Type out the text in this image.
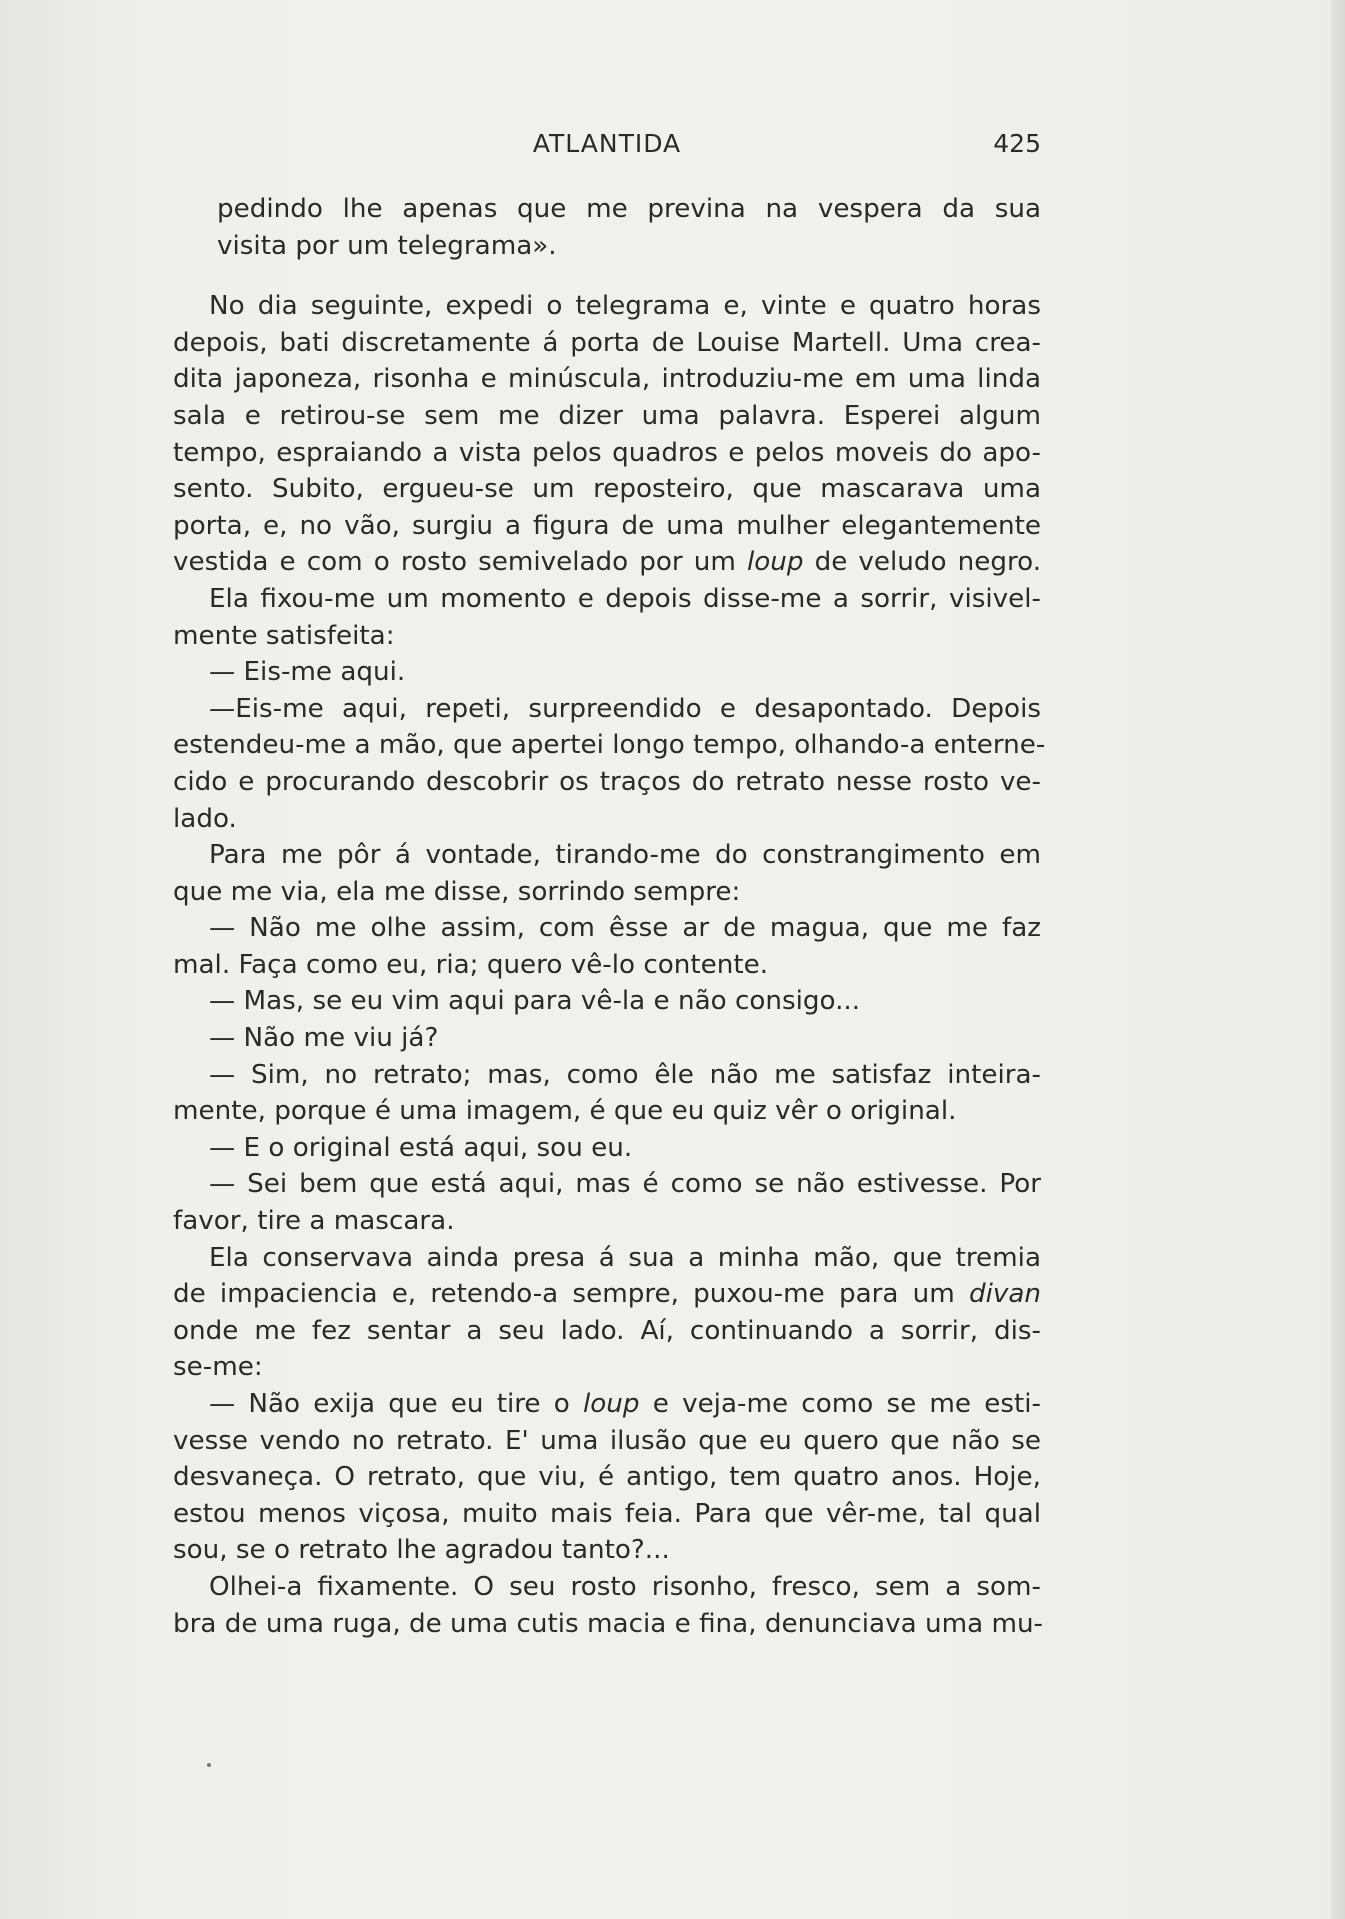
ATLANTIDA	425
pedindo lhe apenas que me previna na vespera da sua
visita por um telegrama».
No dia seguinte, expedi o telegrama e, vinte e quatro horas
depois, bati discretamente á porta de Louise Martell. Uma crea-
dita japoneza, risonha e minúscula, introduziu-me em uma linda
sala e retirou-se sem me dizer uma palavra. Esperei algum
tempo, espraiando a vista pelos quadros e pelos moveis do apo-
sento. Subito, ergueu-se um reposteiro, que mascarava uma
porta, e, no vão, surgiu a figura de uma mulher elegantemente
vestida e com o rosto semivelado por um loup de veludo negro.
Ela fixou-me um momento e depois disse-me a sorrir, visivel-
mente satisfeita:
— Eis-me aqui.
—Eis-me aqui, repeti, surpreendido e desapontado. Depois
estendeu-me a mão, que apertei longo tempo, olhando-a enterne-
cido e procurando descobrir os traços do retrato nesse rosto ve-
lado.
Para me pôr á vontade, tirando-me do constrangimento em
que me via, ela me disse, sorrindo sempre:
— Não me olhe assim, com êsse ar de magua, que me faz
mal. Faça como eu, ria; quero vê-lo contente.
— Mas, se eu vim aqui para vê-la e não consigo...
— Não me viu já?
— Sim, no retrato; mas, como êle não me satisfaz inteira-
mente, porque é uma imagem, é que eu quiz vêr o original.
— E o original está aqui, sou eu.
— Sei bem que está aqui, mas é como se não estivesse. Por
favor, tire a mascara.
Ela conservava ainda presa á sua a minha mão, que tremia
de impaciencia e, retendo-a sempre, puxou-me para um divan
onde me fez sentar a seu lado. Aí, continuando a sorrir, dis-
se-me:
— Não exija que eu tire o loup e veja-me como se me esti-
vesse vendo no retrato. E' uma ilusão que eu quero que não se
desvaneça. O retrato, que viu, é antigo, tem quatro anos. Hoje,
estou menos viçosa, muito mais feia. Para que vêr-me, tal qual
sou, se o retrato lhe agradou tanto?...
Olhei-a fixamente. O seu rosto risonho, fresco, sem a som-
bra de uma ruga, de uma cutis macia e fina, denunciava uma mu-
